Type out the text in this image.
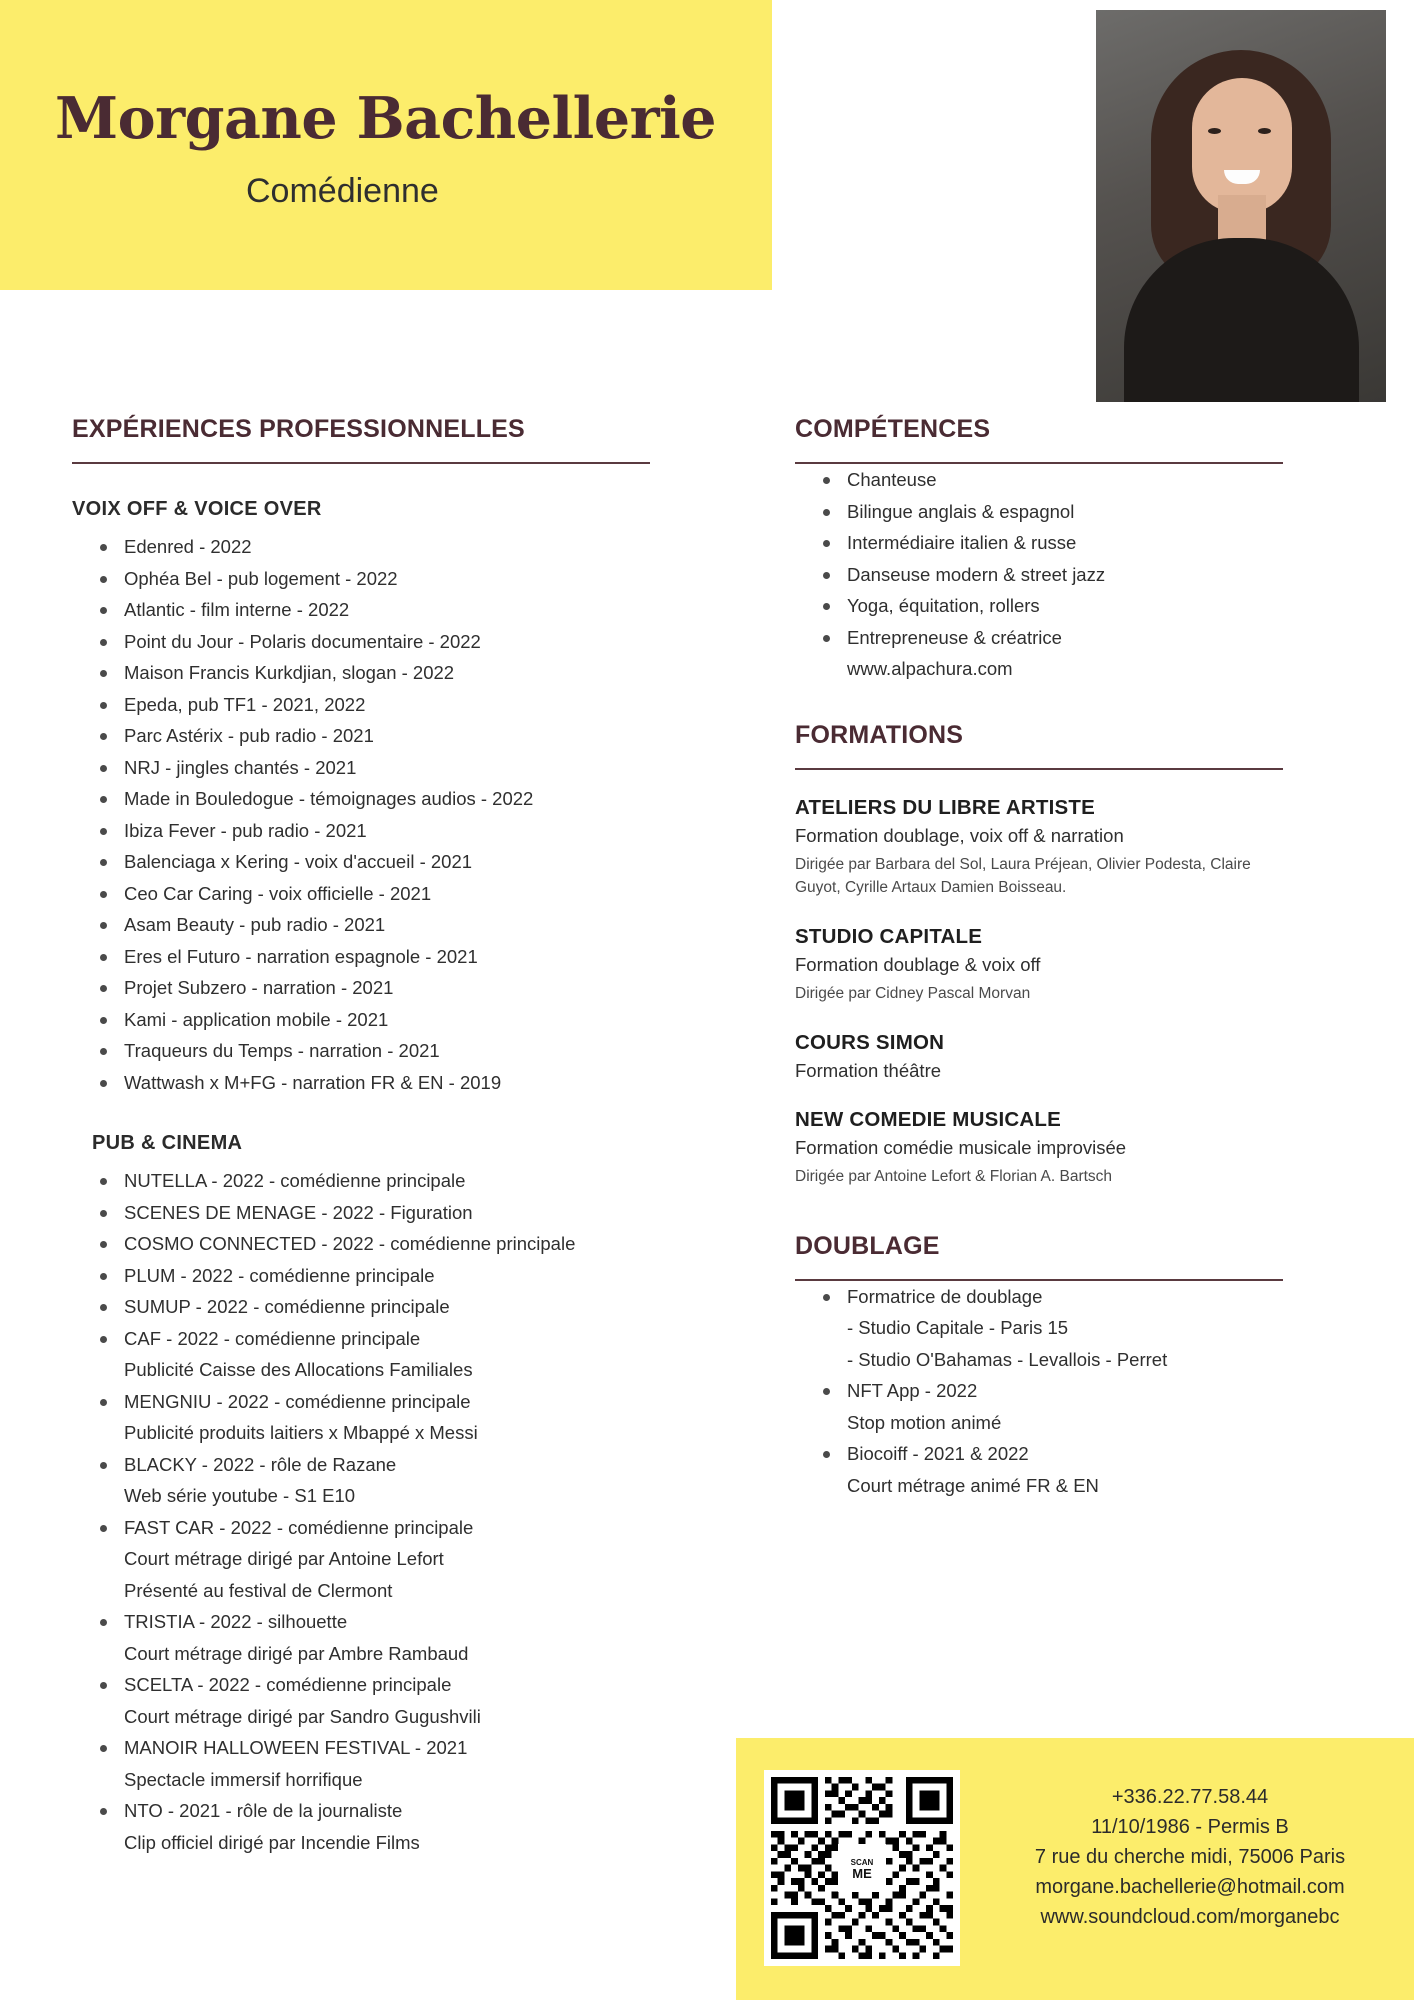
Morgane Bachellerie
Comédienne
EXPÉRIENCES PROFESSIONNELLES
VOIX OFF & VOICE OVER
Edenred - 2022
Ophéa Bel - pub logement - 2022
Atlantic - film interne - 2022
Point du Jour - Polaris documentaire - 2022
Maison Francis Kurkdjian, slogan - 2022
Epeda, pub TF1 - 2021, 2022
Parc Astérix - pub radio - 2021
NRJ - jingles chantés - 2021
Made in Bouledogue - témoignages audios - 2022
Ibiza Fever - pub radio - 2021
Balenciaga x Kering - voix d'accueil - 2021
Ceo Car Caring - voix officielle - 2021
Asam Beauty - pub radio - 2021
Eres el Futuro - narration espagnole - 2021
Projet Subzero - narration - 2021
Kami - application mobile - 2021
Traqueurs du Temps - narration - 2021
Wattwash x M+FG - narration FR & EN - 2019
PUB & CINEMA
NUTELLA - 2022 - comédienne principale
SCENES DE MENAGE - 2022 - Figuration
COSMO CONNECTED - 2022 - comédienne principale
PLUM - 2022 - comédienne principale
SUMUP - 2022 - comédienne principale
CAF - 2022 - comédienne principale
Publicité Caisse des Allocations Familiales
MENGNIU - 2022 - comédienne principale
Publicité produits laitiers x Mbappé x Messi
BLACKY - 2022 - rôle de Razane
Web série youtube - S1 E10
FAST CAR - 2022 - comédienne principale
Court métrage dirigé par Antoine Lefort
Présenté au festival de Clermont
TRISTIA - 2022 - silhouette
Court métrage dirigé par Ambre Rambaud
SCELTA - 2022 - comédienne principale
Court métrage dirigé par Sandro Gugushvili
MANOIR HALLOWEEN FESTIVAL - 2021
Spectacle immersif horrifique
NTO - 2021 - rôle de la journaliste
Clip officiel dirigé par Incendie Films
COMPÉTENCES
Chanteuse
Bilingue anglais & espagnol
Intermédiaire italien & russe
Danseuse modern & street jazz
Yoga, équitation, rollers
Entrepreneuse & créatrice
www.alpachura.com
FORMATIONS
ATELIERS DU LIBRE ARTISTE
Formation doublage, voix off & narration
Dirigée par Barbara del Sol, Laura Préjean, Olivier Podesta, Claire Guyot, Cyrille Artaux Damien Boisseau.
STUDIO CAPITALE
Formation doublage & voix off
Dirigée par Cidney Pascal Morvan
COURS SIMON
Formation théâtre
NEW COMEDIE MUSICALE
Formation comédie musicale improvisée
Dirigée par Antoine Lefort & Florian A. Bartsch
DOUBLAGE
Formatrice de doublage
- Studio Capitale - Paris 15
- Studio O'Bahamas - Levallois - Perret
NFT App - 2022
Stop motion animé
Biocoiff - 2021 & 2022
Court métrage animé FR & EN
SCAN
ME
+336.22.77.58.44
11/10/1986 - Permis B
7 rue du cherche midi, 75006 Paris
morgane.bachellerie@hotmail.com
www.soundcloud.com/morganebc
